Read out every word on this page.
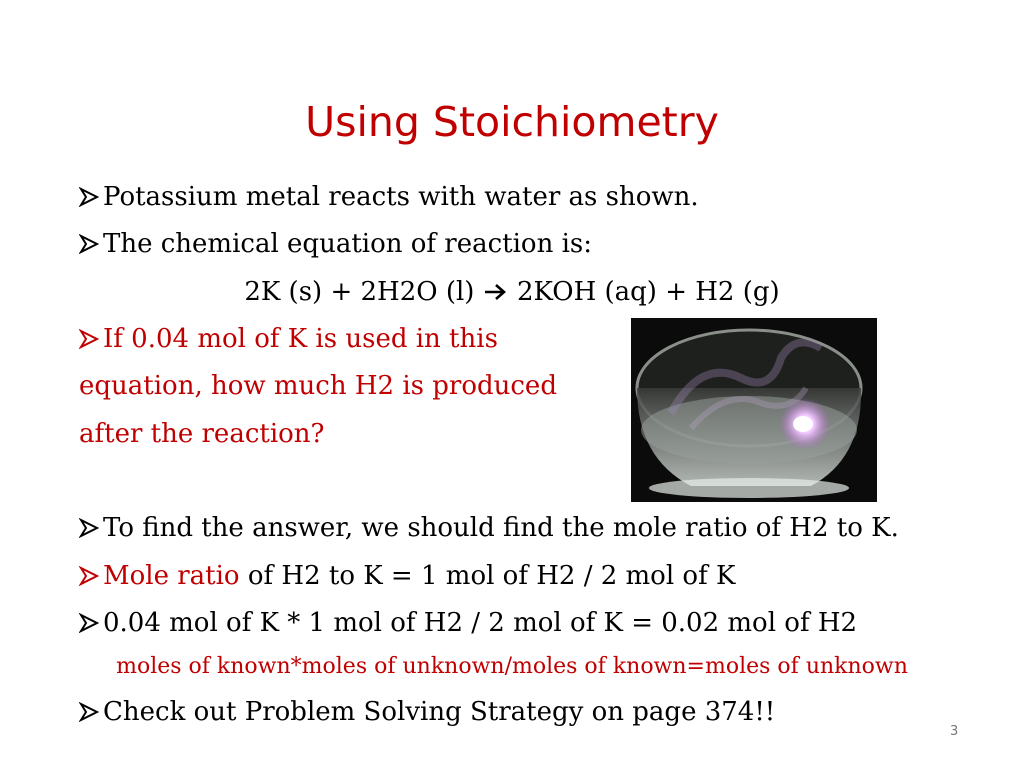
Using Stoichiometry
Potassium metal reacts with water as shown.
The chemical equation of reaction is:
2K (s) + 2H2O (l) 2KOH (aq) + H2 (g)
If 0.04 mol of K is used in this
equation, how much H2 is produced
after the reaction?
To find the answer, we should find the mole ratio of H2 to K.
Mole ratio of H2 to K = 1 mol of H2 / 2 mol of K
0.04 mol of K * 1 mol of H2 / 2 mol of K = 0.02 mol of H2
moles of known*moles of unknown/moles of known=moles of unknown
Check out Problem Solving Strategy on page 374!!
3
